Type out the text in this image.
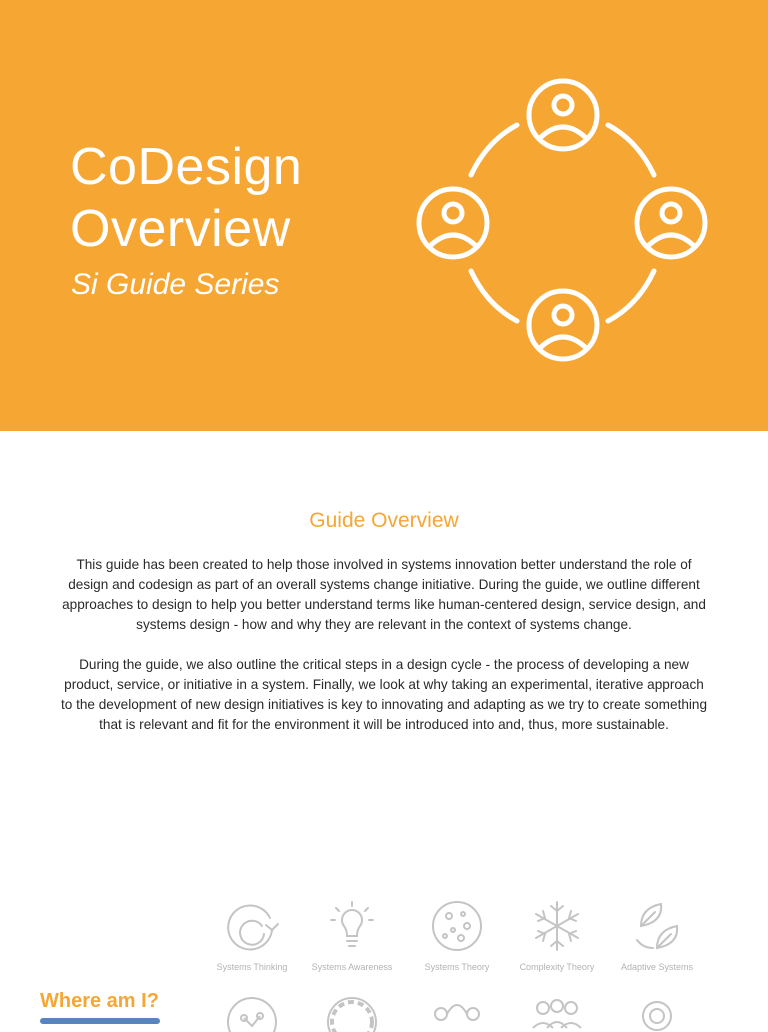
CoDesign
Overview
Si Guide Series
Guide Overview

This guide has been created to help those involved in systems innovation better understand the role of design and codesign as part of an overall systems change initiative. During the guide, we outline different approaches to design to help you better understand terms like human-centered design, service design, and systems design - how and why they are relevant in the context of systems change.

During the guide, we also outline the critical steps in a design cycle - the process of developing a new product, service, or initiative in a system. Finally, we look at why taking an experimental, iterative approach to the development of new design initiatives is key to innovating and adapting as we try to create something that is relevant and fit for the environment it will be introduced into and, thus, more sustainable.

Systems Thinking	Systems Awareness	Systems Theory	Complexity Theory	Adaptive Systems
Where am I?
